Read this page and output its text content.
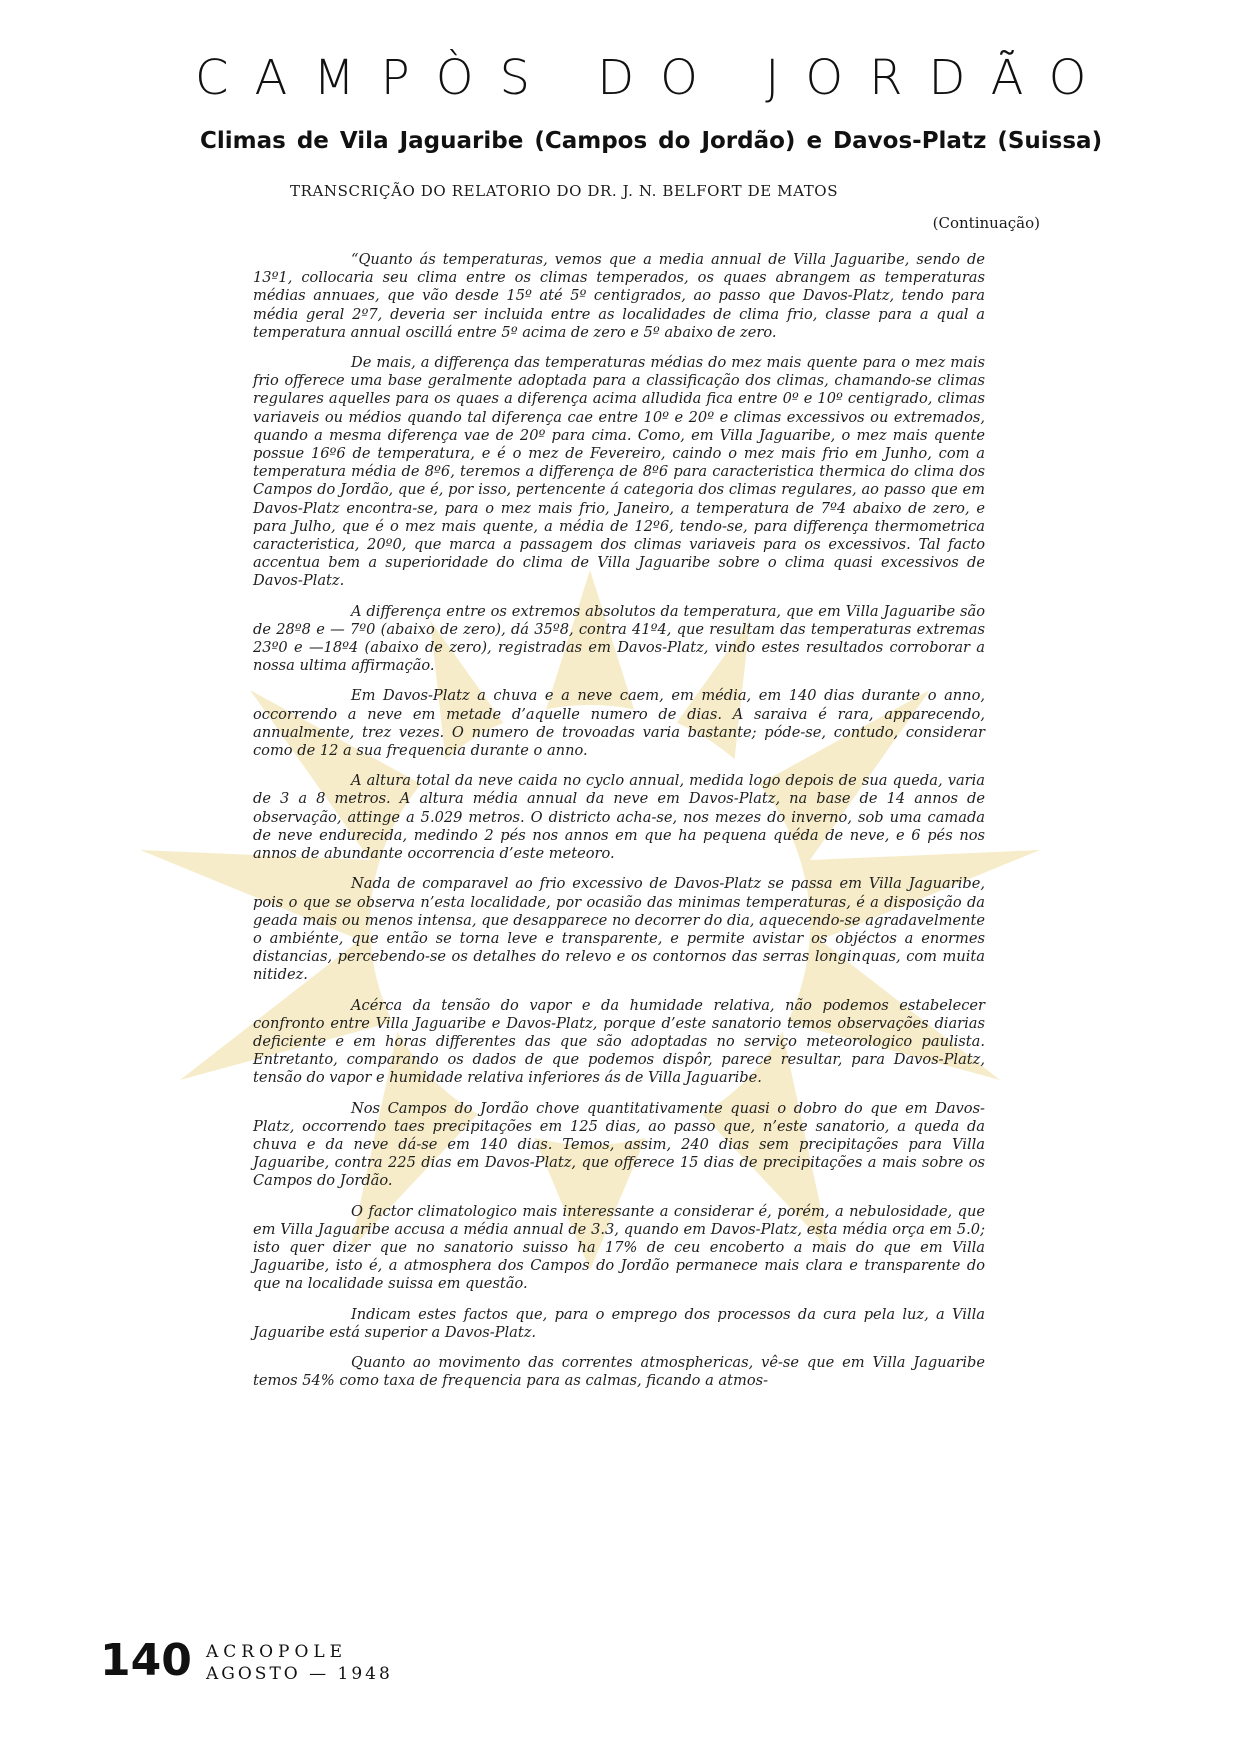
CAMPÒS DO JORDÃO
Climas de Vila Jaguaribe (Campos do Jordão) e Davos-Platz (Suissa)
TRANSCRIÇÃO DO RELATORIO DO DR. J. N. BELFORT DE MATOS
(Continuação)

“Quanto ás temperaturas, vemos que a media annual de Villa Jaguaribe, sendo de 13º1, collocaria seu clima entre os climas temperados, os quaes abrangem as temperaturas médias annuaes, que vão desde 15º até 5º centigrados, ao passo que Davos-Platz, tendo para média geral 2º7, deveria ser incluida entre as localidades de clima frio, classe para a qual a temperatura annual oscillá entre 5º acima de zero e 5º abaixo de zero.

De mais, a differença das temperaturas médias do mez mais quente para o mez mais frio offerece uma base geralmente adoptada para a classificação dos climas, chamando-se climas regulares aquelles para os quaes a diferença acima alludida fica entre 0º e 10º centigrado, climas variaveis ou médios quando tal diferença cae entre 10º e 20º e climas excessivos ou extremados, quando a mesma diferença vae de 20º para cima. Como, em Villa Jaguaribe, o mez mais quente possue 16º6 de temperatura, e é o mez de Fevereiro, caindo o mez mais frio em Junho, com a temperatura média de 8º6, teremos a differença de 8º6 para caracteristica thermica do clima dos Campos do Jordão, que é, por isso, pertencente á categoria dos climas regulares, ao passo que em Davos-Platz encontra-se, para o mez mais frio, Janeiro, a temperatura de 7º4 abaixo de zero, e para Julho, que é o mez mais quente, a média de 12º6, tendo-se, para differença thermometrica caracteristica, 20º0, que marca a passagem dos climas variaveis para os excessivos. Tal facto accentua bem a superioridade do clima de Villa Jaguaribe sobre o clima quasi excessivos de Davos-Platz.

A differença entre os extremos absolutos da temperatura, que em Villa Jaguaribe são de 28º8 e — 7º0 (abaixo de zero), dá 35º8, contra 41º4, que resultam das temperaturas extremas 23º0 e —18º4 (abaixo de zero), registradas em Davos-Platz, vindo estes resultados corroborar a nossa ultima affirmação.

Em Davos-Platz a chuva e a neve caem, em média, em 140 dias durante o anno, occorrendo a neve em metade d’aquelle numero de dias. A saraiva é rara, apparecendo, annualmente, trez vezes. O numero de trovoadas varia bastante; póde-se, contudo, considerar como de 12 a sua frequencia durante o anno.

A altura total da neve caida no cyclo annual, medida logo depois de sua queda, varia de 3 a 8 metros. A altura média annual da neve em Davos-Platz, na base de 14 annos de observação, attinge a 5.029 metros. O districto acha-se, nos mezes do inverno, sob uma camada de neve endurecida, medindo 2 pés nos annos em que ha pequena quéda de neve, e 6 pés nos annos de abundante occorrencia d’este meteoro.

Nada de comparavel ao frio excessivo de Davos-Platz se passa em Villa Jaguaribe, pois o que se observa n’esta localidade, por ocasião das minimas temperaturas, é a disposição da geada mais ou menos intensa, que desapparece no decorrer do dia, aquecendo-se agradavelmente o ambiénte, que então se torna leve e transparente, e permite avistar os objéctos a enormes distancias, percebendo-se os detalhes do relevo e os contornos das serras longinquas, com muita nitidez.

Acérca da tensão do vapor e da humidade relativa, não podemos estabelecer confronto entre Villa Jaguaribe e Davos-Platz, porque d’este sanatorio temos observações diarias deficiente e em horas differentes das que são adoptadas no serviço meteorologico paulista. Entretanto, comparando os dados de que podemos dispôr, parece resultar, para Davos-Platz, tensão do vapor e humidade relativa inferiores ás de Villa Jaguaribe.

Nos Campos do Jordão chove quantitativamente quasi o dobro do que em Davos-Platz, occorrendo taes precipitações em 125 dias, ao passo que, n’este sanatorio, a queda da chuva e da neve dá-se em 140 dias. Temos, assim, 240 dias sem precipitações para Villa Jaguaribe, contra 225 dias em Davos-Platz, que offerece 15 dias de precipitações a mais sobre os Campos do Jordão.

O factor climatologico mais interessante a considerar é, porém, a nebulosidade, que em Villa Jaguaribe accusa a média annual de 3.3, quando em Davos-Platz, esta média orça em 5.0; isto quer dizer que no sanatorio suisso ha 17% de ceu encoberto a mais do que em Villa Jaguaribe, isto é, a atmosphera dos Campos do Jordão permanece mais clara e transparente do que na localidade suissa em questão.

Indicam estes factos que, para o emprego dos processos da cura pela luz, a Villa Jaguaribe está superior a Davos-Platz.

Quanto ao movimento das correntes atmosphericas, vê-se que em Villa Jaguaribe temos 54% como taxa de frequencia para as calmas, ficando a atmos-

140 ACROPOLE
AGOSTO — 1948
